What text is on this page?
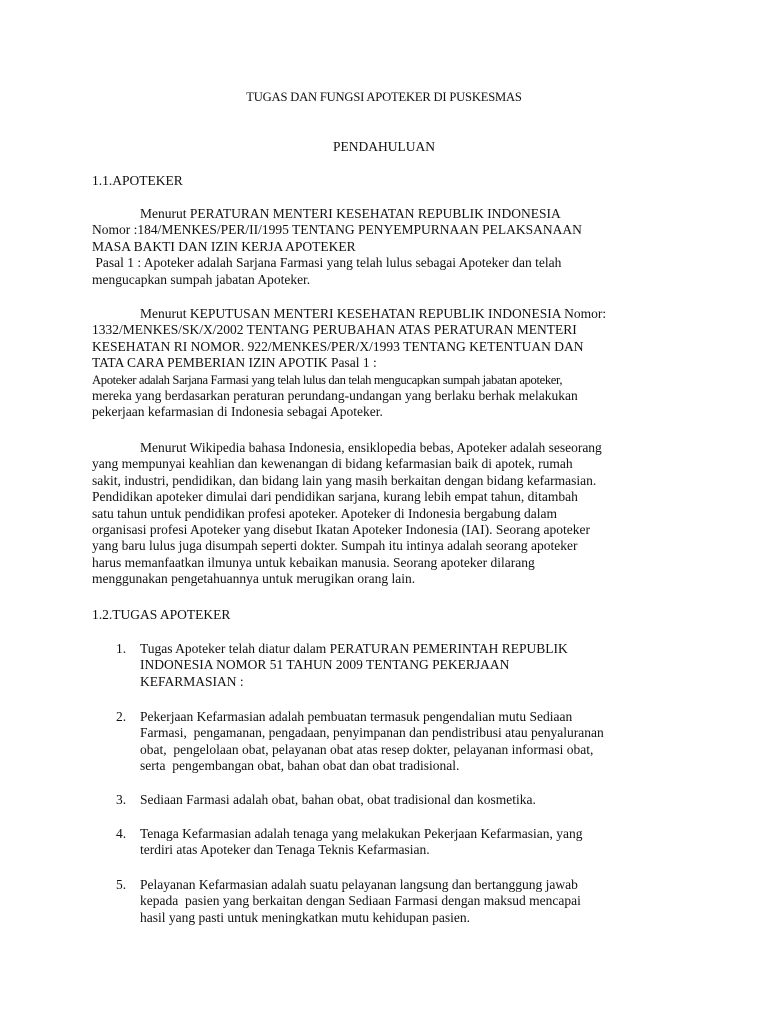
TUGAS DAN FUNGSI APOTEKER DI PUSKESMAS
PENDAHULUAN
1.1.APOTEKER
Menurut PERATURAN MENTERI KESEHATAN REPUBLIK INDONESIA
Nomor :184/MENKES/PER/II/1995 TENTANG PENYEMPURNAAN PELAKSANAAN
MASA BAKTI DAN IZIN KERJA APOTEKER
Pasal 1 : Apoteker adalah Sarjana Farmasi yang telah lulus sebagai Apoteker dan telah
mengucapkan sumpah jabatan Apoteker.
Menurut KEPUTUSAN MENTERI KESEHATAN REPUBLIK INDONESIA Nomor:
1332/MENKES/SK/X/2002 TENTANG PERUBAHAN ATAS PERATURAN MENTERI
KESEHATAN RI NOMOR. 922/MENKES/PER/X/1993 TENTANG KETENTUAN DAN
TATA CARA PEMBERIAN IZIN APOTIK Pasal 1 :
Apoteker adalah Sarjana Farmasi yang telah lulus dan telah mengucapkan sumpah jabatan apoteker,
mereka yang berdasarkan peraturan perundang-undangan yang berlaku berhak melakukan
pekerjaan kefarmasian di Indonesia sebagai Apoteker.
Menurut Wikipedia bahasa Indonesia, ensiklopedia bebas, Apoteker adalah seseorang
yang mempunyai keahlian dan kewenangan di bidang kefarmasian baik di apotek, rumah
sakit, industri, pendidikan, dan bidang lain yang masih berkaitan dengan bidang kefarmasian.
Pendidikan apoteker dimulai dari pendidikan sarjana, kurang lebih empat tahun, ditambah
satu tahun untuk pendidikan profesi apoteker. Apoteker di Indonesia bergabung dalam
organisasi profesi Apoteker yang disebut Ikatan Apoteker Indonesia (IAI). Seorang apoteker
yang baru lulus juga disumpah seperti dokter. Sumpah itu intinya adalah seorang apoteker
harus memanfaatkan ilmunya untuk kebaikan manusia. Seorang apoteker dilarang
menggunakan pengetahuannya untuk merugikan orang lain.
1.2.TUGAS APOTEKER
1. Tugas Apoteker telah diatur dalam PERATURAN PEMERINTAH REPUBLIK
INDONESIA NOMOR 51 TAHUN 2009 TENTANG PEKERJAAN
KEFARMASIAN :
2. Pekerjaan Kefarmasian adalah pembuatan termasuk pengendalian mutu Sediaan
Farmasi,  pengamanan, pengadaan, penyimpanan dan pendistribusi atau penyaluranan
obat,  pengelolaan obat, pelayanan obat atas resep dokter, pelayanan informasi obat,
serta  pengembangan obat, bahan obat dan obat tradisional.
3. Sediaan Farmasi adalah obat, bahan obat, obat tradisional dan kosmetika.
4. Tenaga Kefarmasian adalah tenaga yang melakukan Pekerjaan Kefarmasian, yang
terdiri atas Apoteker dan Tenaga Teknis Kefarmasian.
5. Pelayanan Kefarmasian adalah suatu pelayanan langsung dan bertanggung jawab
kepada  pasien yang berkaitan dengan Sediaan Farmasi dengan maksud mencapai
hasil yang pasti untuk meningkatkan mutu kehidupan pasien.
